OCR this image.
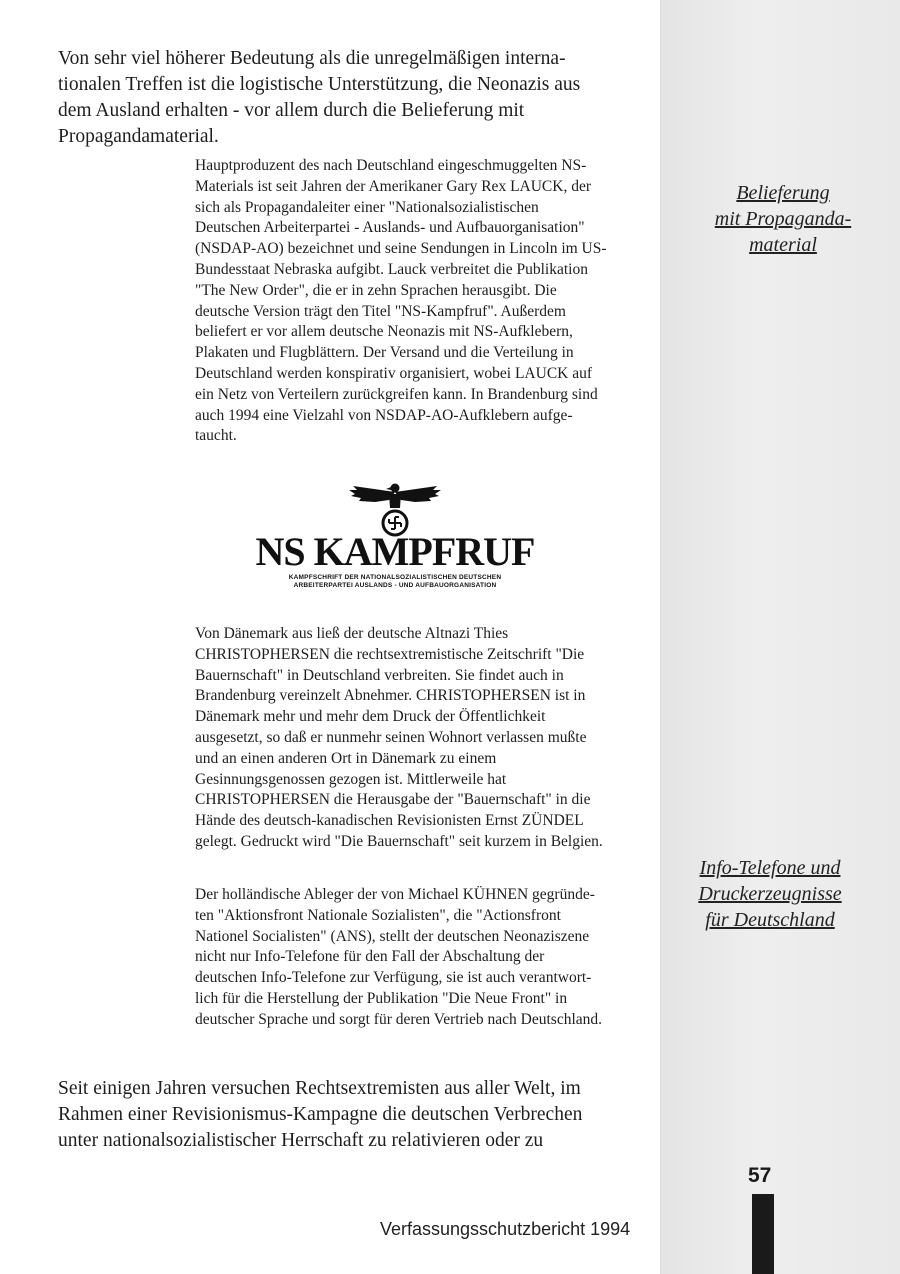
Von sehr viel höherer Bedeutung als die unregelmäßigen interna-
tionalen Treffen ist die logistische Unterstützung, die Neonazis aus
dem Ausland erhalten - vor allem durch die Belieferung mit
Propagandamaterial.
Hauptproduzent des nach Deutschland eingeschmuggelten NS-
Materials ist seit Jahren der Amerikaner Gary Rex LAUCK, der
sich als Propagandaleiter einer "Nationalsozialistischen
Deutschen Arbeiterpartei - Auslands- und Aufbauorganisation"
(NSDAP-AO) bezeichnet und seine Sendungen in Lincoln im US-
Bundesstaat Nebraska aufgibt. Lauck verbreitet die Publikation
"The New Order", die er in zehn Sprachen herausgibt. Die
deutsche Version trägt den Titel "NS-Kampfruf". Außerdem
beliefert er vor allem deutsche Neonazis mit NS-Aufklebern,
Plakaten und Flugblättern. Der Versand und die Verteilung in
Deutschland werden konspirativ organisiert, wobei LAUCK auf
ein Netz von Verteilern zurückgreifen kann. In Brandenburg sind
auch 1994 eine Vielzahl von NSDAP-AO-Aufklebern aufge-
taucht.
Belieferung
mit Propaganda-
material
NS KAMPFRUF
KAMPFSCHRIFT DER NATIONALSOZIALISTISCHEN DEUTSCHEN
ARBEITERPARTEI AUSLANDS - UND AUFBAUORGANISATION
Von Dänemark aus ließ der deutsche Altnazi Thies
CHRISTOPHERSEN die rechtsextremistische Zeitschrift "Die
Bauernschaft" in Deutschland verbreiten. Sie findet auch in
Brandenburg vereinzelt Abnehmer. CHRISTOPHERSEN ist in
Dänemark mehr und mehr dem Druck der Öffentlichkeit
ausgesetzt, so daß er nunmehr seinen Wohnort verlassen mußte
und an einen anderen Ort in Dänemark zu einem
Gesinnungsgenossen gezogen ist. Mittlerweile hat
CHRISTOPHERSEN die Herausgabe der "Bauernschaft" in die
Hände des deutsch-kanadischen Revisionisten Ernst ZÜNDEL
gelegt. Gedruckt wird "Die Bauernschaft" seit kurzem in Belgien.
Info-Telefone und
Druckerzeugnisse
für Deutschland
Der holländische Ableger der von Michael KÜHNEN gegründe-
ten "Aktionsfront Nationale Sozialisten", die "Actionsfront
Nationel Socialisten" (ANS), stellt der deutschen Neonaziszene
nicht nur Info-Telefone für den Fall der Abschaltung der
deutschen Info-Telefone zur Verfügung, sie ist auch verantwort-
lich für die Herstellung der Publikation "Die Neue Front" in
deutscher Sprache und sorgt für deren Vertrieb nach Deutschland.
Seit einigen Jahren versuchen Rechtsextremisten aus aller Welt, im
Rahmen einer Revisionismus-Kampagne die deutschen Verbrechen
unter nationalsozialistischer Herrschaft zu relativieren oder zu
Verfassungsschutzbericht 1994
57
